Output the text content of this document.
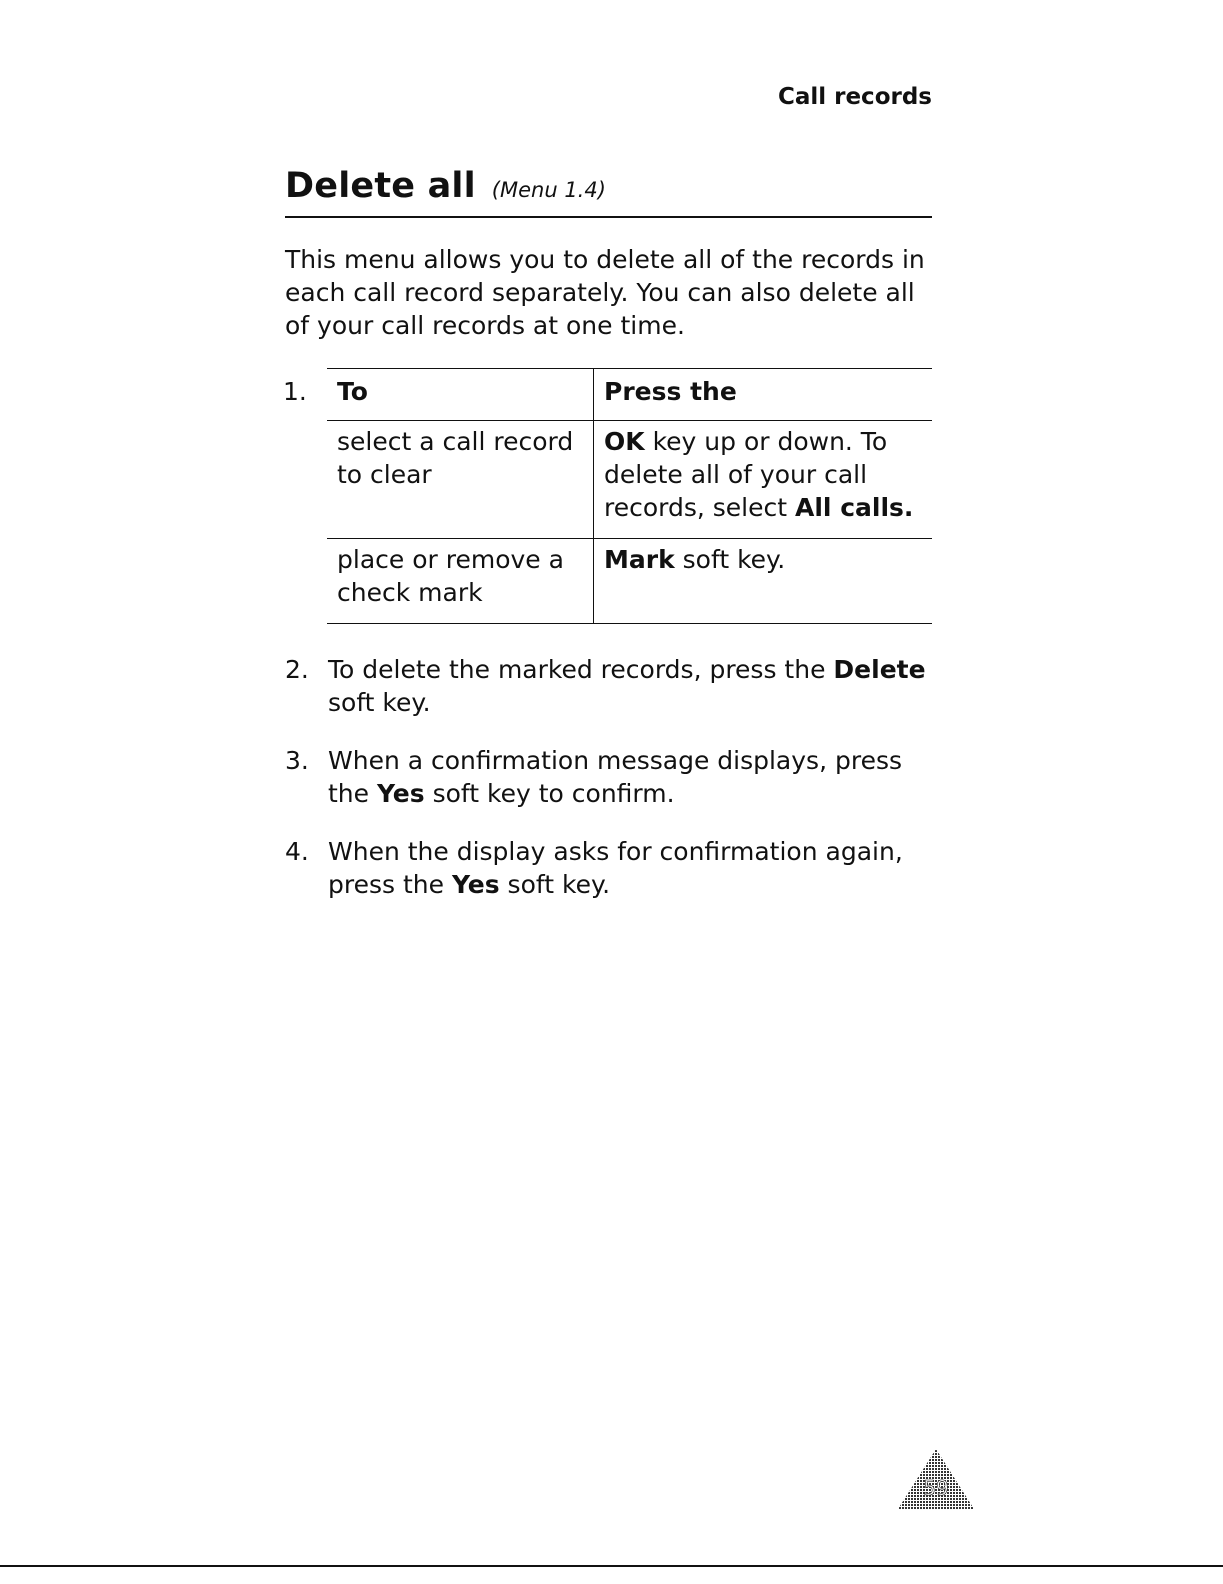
Call records
Delete all (Menu 1.4)

This menu allows you to delete all of the records in each call record separately. You can also delete all of your call records at one time.

1. To	Press the
select a call record to clear	OK key up or down. To delete all of your call records, select All calls.
place or remove a check mark	Mark soft key.
2. To delete the marked records, press the Delete soft key.
3. When a confirmation message displays, press the Yes soft key to confirm.
4. When the display asks for confirmation again, press the Yes soft key.
59
